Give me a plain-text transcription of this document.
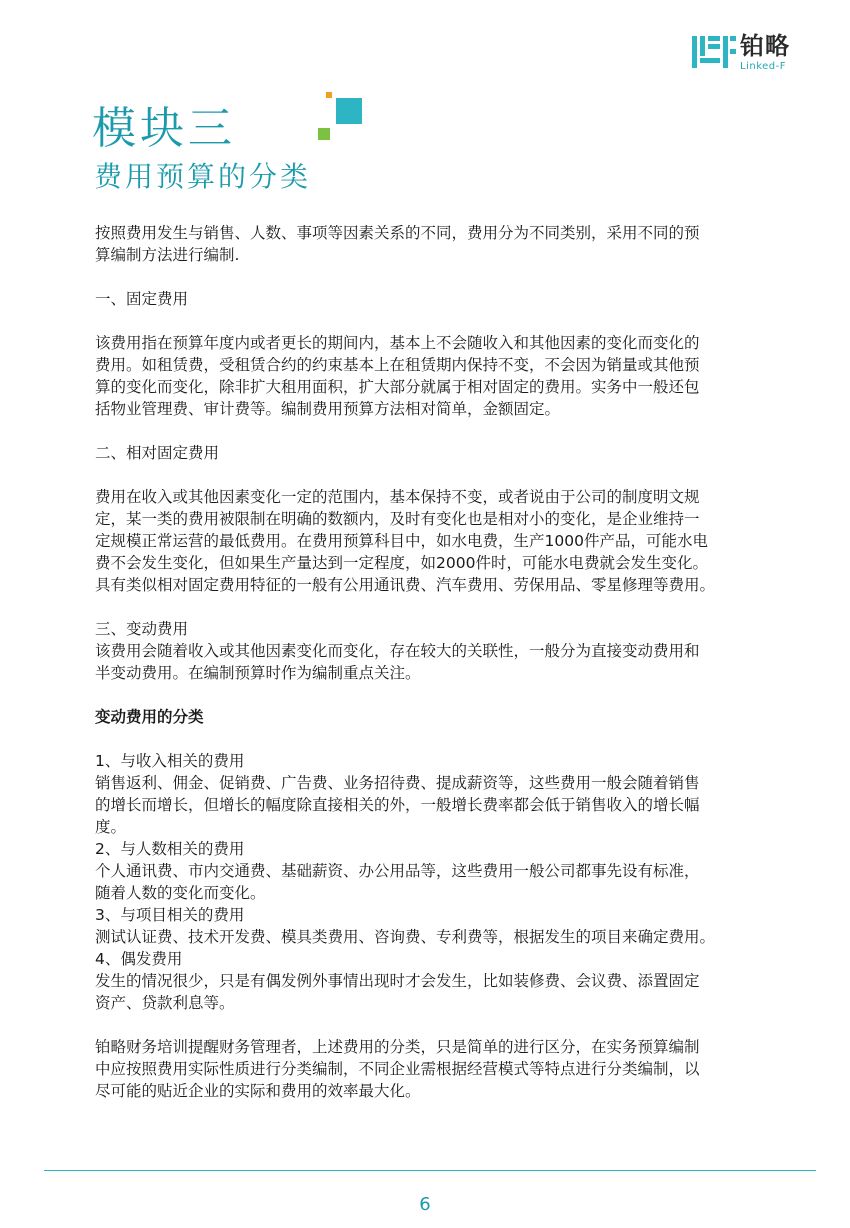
铂略
Linked-F
模块三
费用预算的分类

按照费用发生与销售、人数、事项等因素关系的不同，费用分为不同类别，采用不同的预

算编制方法进行编制.

一、固定费用

该费用指在预算年度内或者更长的期间内，基本上不会随收入和其他因素的变化而变化的

费用。如租赁费，受租赁合约的约束基本上在租赁期内保持不变，不会因为销量或其他预

算的变化而变化，除非扩大租用面积，扩大部分就属于相对固定的费用。实务中一般还包

括物业管理费、审计费等。编制费用预算方法相对简单，金额固定。

二、相对固定费用

费用在收入或其他因素变化一定的范围内，基本保持不变，或者说由于公司的制度明文规

定，某一类的费用被限制在明确的数额内，及时有变化也是相对小的变化，是企业维持一

定规模正常运营的最低费用。在费用预算科目中，如水电费，生产1000件产品，可能水电

费不会发生变化，但如果生产量达到一定程度，如2000件时，可能水电费就会发生变化。

具有类似相对固定费用特征的一般有公用通讯费、汽车费用、劳保用品、零星修理等费用。

三、变动费用

该费用会随着收入或其他因素变化而变化，存在较大的关联性，一般分为直接变动费用和

半变动费用。在编制预算时作为编制重点关注。

变动费用的分类

1、与收入相关的费用

销售返利、佣金、促销费、广告费、业务招待费、提成薪资等，这些费用一般会随着销售

的增长而增长，但增长的幅度除直接相关的外，一般增长费率都会低于销售收入的增长幅

度。

2、与人数相关的费用

个人通讯费、市内交通费、基础薪资、办公用品等，这些费用一般公司都事先设有标准，

随着人数的变化而变化。

3、与项目相关的费用

测试认证费、技术开发费、模具类费用、咨询费、专利费等，根据发生的项目来确定费用。

4、偶发费用

发生的情况很少，只是有偶发例外事情出现时才会发生，比如装修费、会议费、添置固定

资产、贷款利息等。

铂略财务培训提醒财务管理者，上述费用的分类，只是简单的进行区分，在实务预算编制

中应按照费用实际性质进行分类编制，不同企业需根据经营模式等特点进行分类编制，以

尽可能的贴近企业的实际和费用的效率最大化。

6
